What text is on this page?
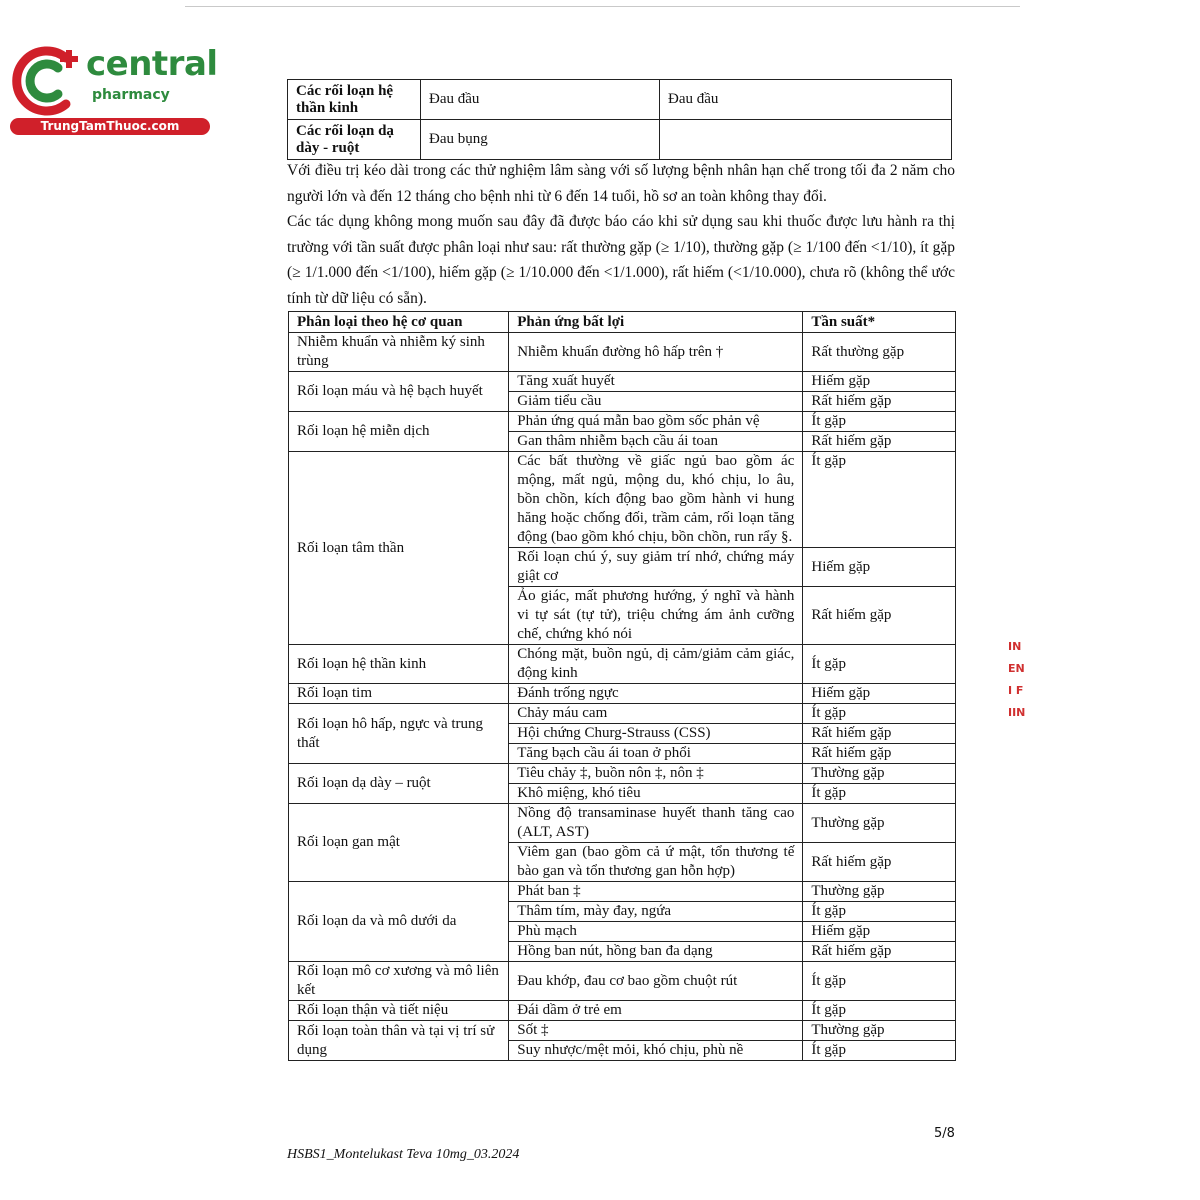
central
pharmacy
TrungTamThuoc.com
Các rối loạn hệ thần kinh	Đau đầu	Đau đầu
Các rối loạn dạ dày - ruột	Đau bụng	
Với điều trị kéo dài trong các thử nghiệm lâm sàng với số lượng bệnh nhân hạn chế trong tối đa 2 năm cho người lớn và đến 12 tháng cho bệnh nhi từ 6 đến 14 tuổi, hồ sơ an toàn không thay đổi.
Các tác dụng không mong muốn sau đây đã được báo cáo khi sử dụng sau khi thuốc được lưu hành ra thị trường với tần suất được phân loại như sau: rất thường gặp (≥ 1/10), thường gặp (≥ 1/100 đến <1/10), ít gặp (≥ 1/1.000 đến <1/100), hiếm gặp (≥ 1/10.000 đến <1/1.000), rất hiếm (<1/10.000), chưa rõ (không thể ước tính từ dữ liệu có sẵn).
Phân loại theo hệ cơ quan	Phản ứng bất lợi	Tần suất*
Nhiễm khuẩn và nhiễm ký sinh trùng	Nhiễm khuẩn đường hô hấp trên †	Rất thường gặp
Rối loạn máu và hệ bạch huyết	Tăng xuất huyết	Hiếm gặp
	Giảm tiểu cầu	Rất hiếm gặp
Rối loạn hệ miễn dịch	Phản ứng quá mẫn bao gồm sốc phản vệ	Ít gặp
	Gan thâm nhiễm bạch cầu ái toan	Rất hiếm gặp
Rối loạn tâm thần	Các bất thường về giấc ngủ bao gồm ác mộng, mất ngủ, mộng du, khó chịu, lo âu, bồn chồn, kích động bao gồm hành vi hung hăng hoặc chống đối, trầm cảm, rối loạn tăng động (bao gồm khó chịu, bồn chồn, run rẩy §.	Ít gặp
	Rối loạn chú ý, suy giảm trí nhớ, chứng máy giật cơ	Hiếm gặp
	Ảo giác, mất phương hướng, ý nghĩ và hành vi tự sát (tự tử), triệu chứng ám ảnh cưỡng chế, chứng khó nói	Rất hiếm gặp
Rối loạn hệ thần kinh	Chóng mặt, buồn ngủ, dị cảm/giảm cảm giác, động kinh	Ít gặp
Rối loạn tim	Đánh trống ngực	Hiếm gặp
Rối loạn hô hấp, ngực và trung thất	Chảy máu cam	Ít gặp
	Hội chứng Churg-Strauss (CSS)	Rất hiếm gặp
	Tăng bạch cầu ái toan ở phổi	Rất hiếm gặp
Rối loạn dạ dày – ruột	Tiêu chảy ‡, buồn nôn ‡, nôn ‡	Thường gặp
	Khô miệng, khó tiêu	Ít gặp
Rối loạn gan mật	Nồng độ transaminase huyết thanh tăng cao (ALT, AST)	Thường gặp
	Viêm gan (bao gồm cả ứ mật, tổn thương tế bào gan và tổn thương gan hỗn hợp)	Rất hiếm gặp
Rối loạn da và mô dưới da	Phát ban ‡	Thường gặp
	Thâm tím, mày đay, ngứa	Ít gặp
	Phù mạch	Hiếm gặp
	Hồng ban nút, hồng ban đa dạng	Rất hiếm gặp
Rối loạn mô cơ xương và mô liên kết	Đau khớp, đau cơ bao gồm chuột rút	Ít gặp
Rối loạn thận và tiết niệu	Đái dầm ở trẻ em	Ít gặp
Rối loạn toàn thân và tại vị trí sử dụng	Sốt ‡	Thường gặp
	Suy nhược/mệt mỏi, khó chịu, phù nề	Ít gặp
IN
EN
I F
IIN
5/8
HSBS1_Montelukast Teva 10mg_03.2024
